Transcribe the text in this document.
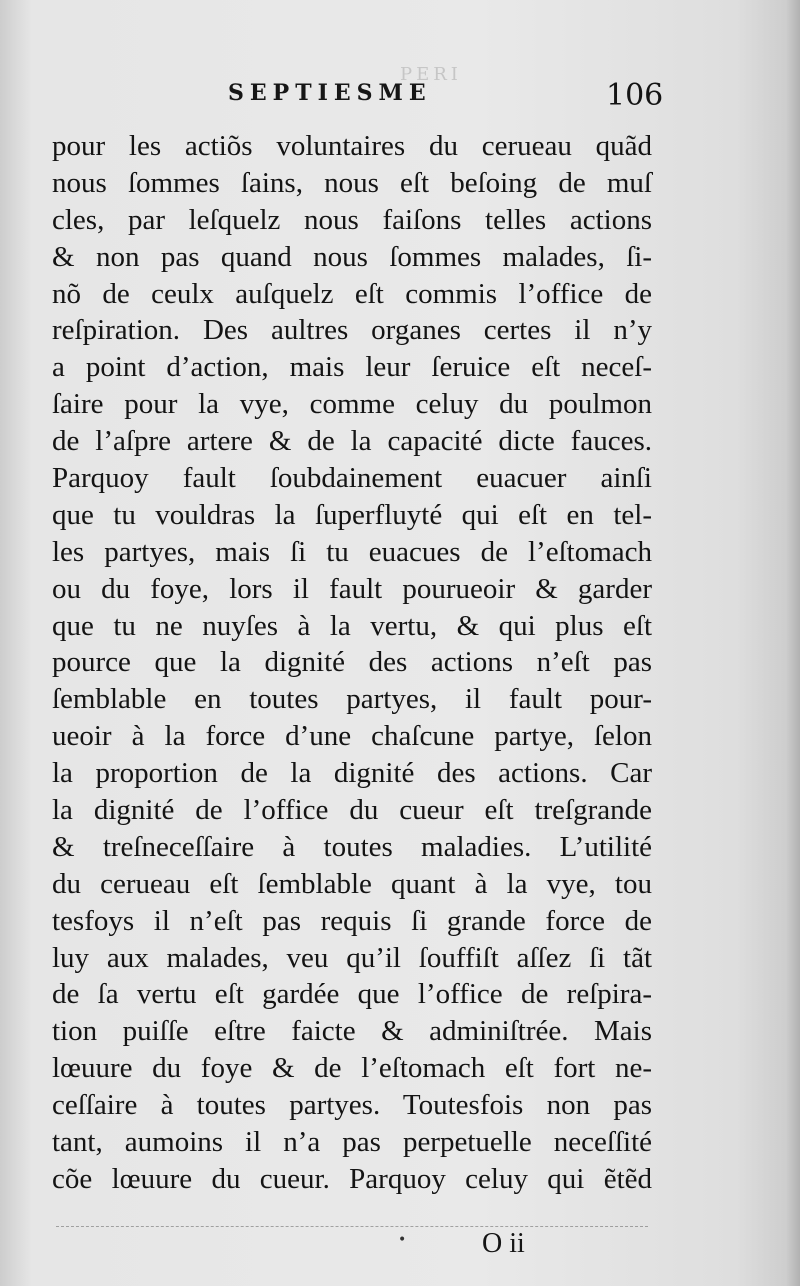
PERI
SEPTIESME	106
pour les actiõs voluntaires du cerueau quãd
nous ſommes ſains, nous eſt beſoing de muſ
cles, par leſquelz nous faiſons telles actions
& non pas quand nous ſommes malades, ſi-
nõ de ceulx auſquelz eſt commis l’office de
reſpiration. Des aultres organes certes il n’y
a point d’action, mais leur ſeruice eſt neceſ-
ſaire pour la vye, comme celuy du poulmon
de l’aſpre artere & de la capacité dicte fauces.
Parquoy fault ſoubdainement euacuer ainſi
que tu vouldras la ſuperfluyté qui eſt en tel-
les partyes, mais ſi tu euacues de l’eſtomach
ou du foye, lors il fault pourueoir & garder
que tu ne nuyſes à la vertu, & qui plus eſt
pource que la dignité des actions n’eſt pas
ſemblable en toutes partyes, il fault pour-
ueoir à la force d’une chaſcune partye, ſelon
la proportion de la dignité des actions. Car
la dignité de l’office du cueur eſt treſgrande
& treſneceſſaire à toutes maladies. L’utilité
du cerueau eſt ſemblable quant à la vye, tou
tesfoys il n’eſt pas requis ſi grande force de
luy aux malades, veu qu’il ſouffiſt aſſez ſi tãt
de ſa vertu eſt gardée que l’office de reſpira-
tion puiſſe eſtre faicte & adminiſtrée. Mais
lœuure du foye & de l’eſtomach eſt fort ne-
ceſſaire à toutes partyes. Toutesfois non pas
tant, aumoins il n’a pas perpetuelle neceſſité
cõe lœuure du cueur. Parquoy celuy qui ẽtẽd
•	O ii
